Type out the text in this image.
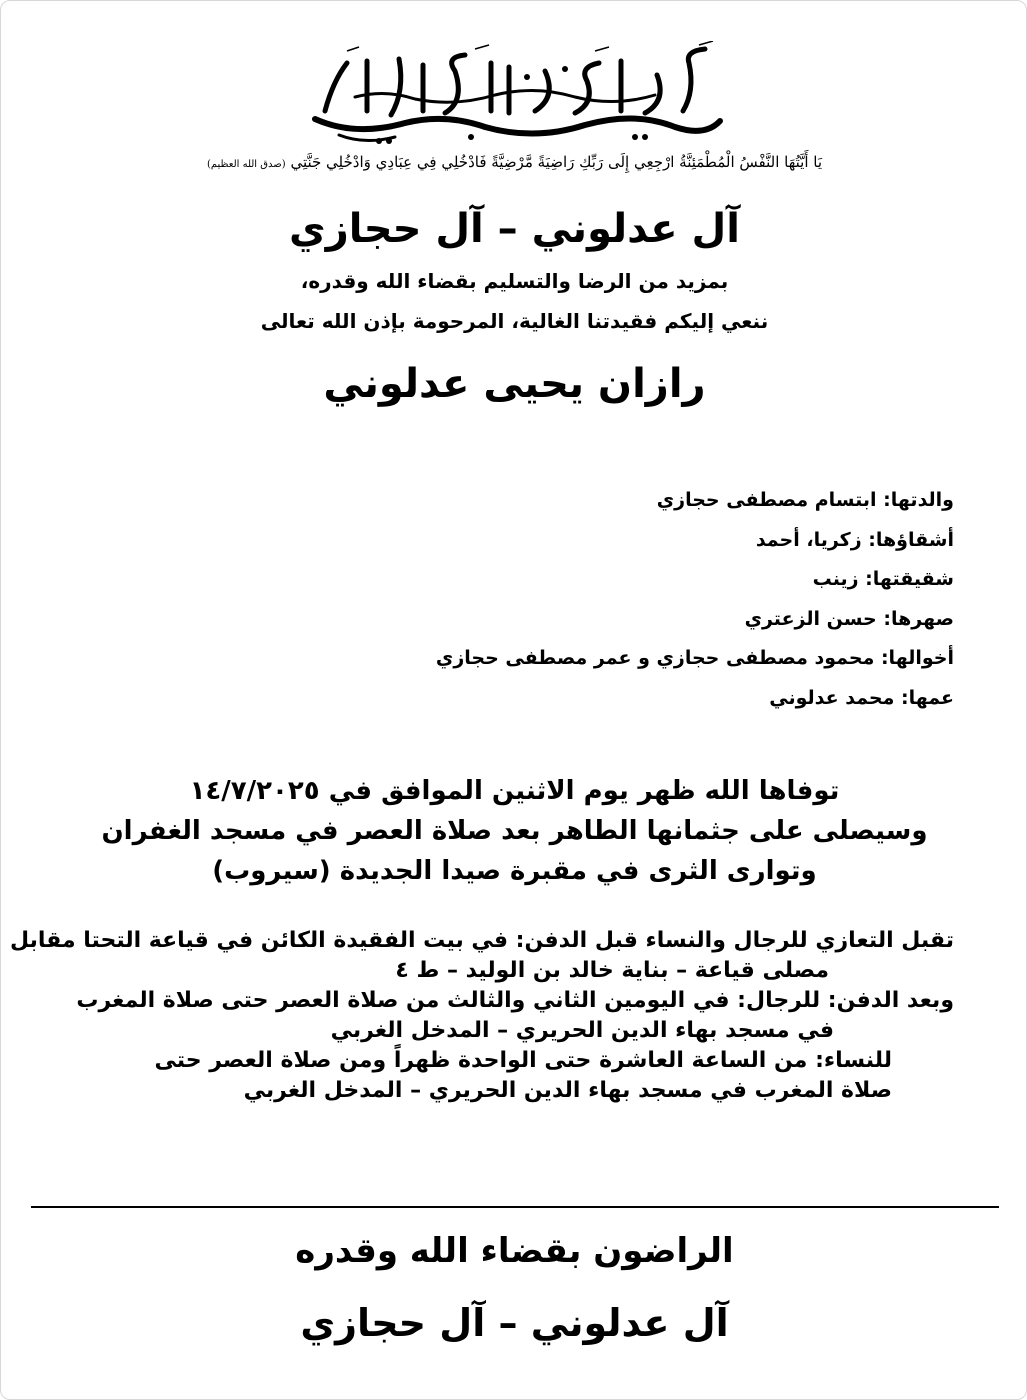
يَا أَيَّتُهَا النَّفْسُ الْمُطْمَئِنَّةُ ارْجِعِي إِلَى رَبِّكِ رَاضِيَةً مَّرْضِيَّةً فَادْخُلِي فِي عِبَادِي وَادْخُلِي جَنَّتِي (صدق الله العظيم)
آل عدلوني – آل حجازي
بمزيد من الرضا والتسليم بقضاء الله وقدره،
ننعي إليكم فقيدتنا الغالية، المرحومة بإذن الله تعالى
رازان يحيى عدلوني
والدتها: ابتسام مصطفى حجازي
أشقاؤها: زكريا، أحمد
شقيقتها: زينب
صهرها: حسن الزعتري
أخوالها: محمود مصطفى حجازي و عمر مصطفى حجازي
عمها: محمد عدلوني
توفاها الله ظهر يوم الاثنين الموافق في ١٤/٧/٢٠٢٥
وسيصلى على جثمانها الطاهر بعد صلاة العصر في مسجد الغفران
وتوارى الثرى في مقبرة صيدا الجديدة (سيروب)
تقبل التعازي للرجال والنساء قبل الدفن: في بيت الفقيدة الكائن في قياعة التحتا مقابل
مصلى قياعة – بناية خالد بن الوليد – ط ٤
وبعد الدفن: للرجال: في اليومين الثاني والثالث من صلاة العصر حتى صلاة المغرب
في مسجد بهاء الدين الحريري – المدخل الغربي
للنساء: من الساعة العاشرة حتى الواحدة ظهراً ومن صلاة العصر حتى
صلاة المغرب في مسجد بهاء الدين الحريري – المدخل الغربي
الراضون بقضاء الله وقدره
آل عدلوني – آل حجازي
